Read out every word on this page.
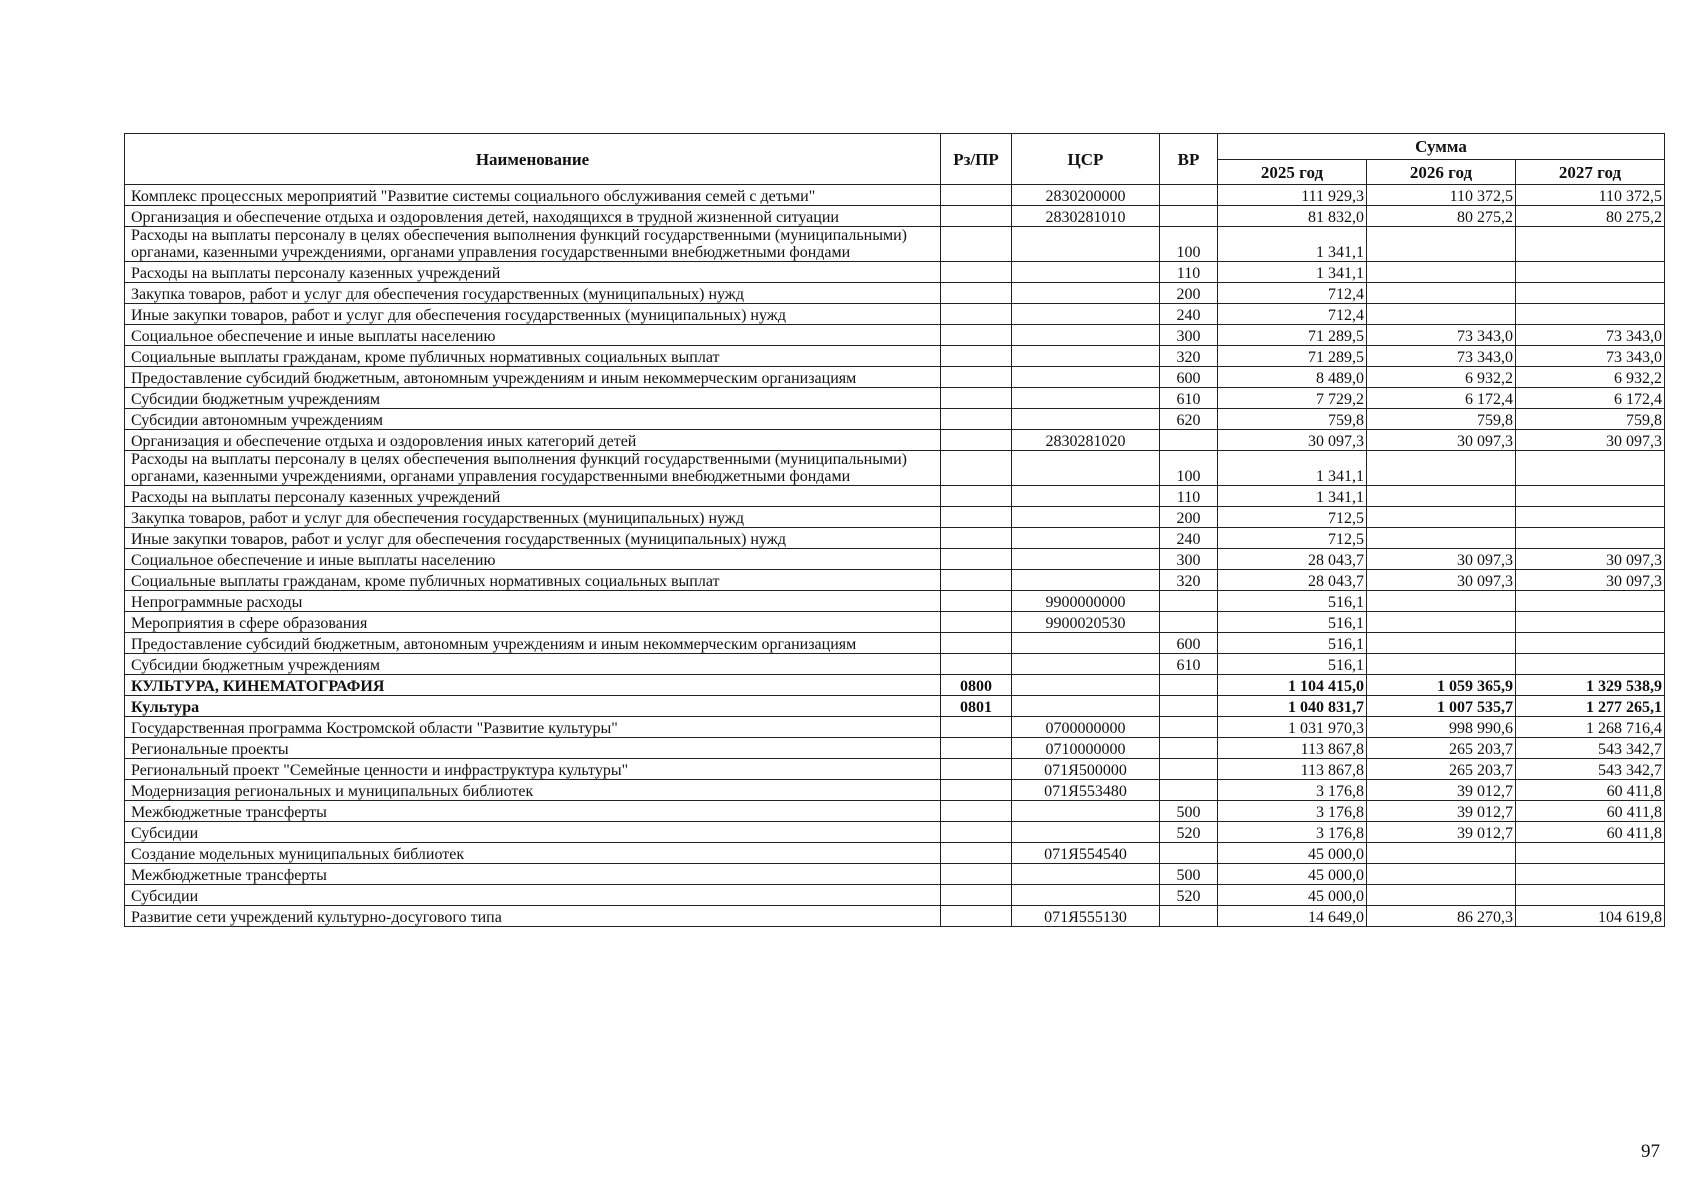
Наименование	Рз/ПР	ЦСР	ВР	Сумма		
				2025 год	2026 год	2027 год
Комплекс процессных мероприятий "Развитие системы социального обслуживания семей с детьми"		2830200000		111 929,3	110 372,5	110 372,5
Организация и обеспечение отдыха и оздоровления детей, находящихся в трудной жизненной ситуации		2830281010		81 832,0	80 275,2	80 275,2
Расходы на выплаты персоналу в целях обеспечения выполнения функций государственными (муниципальными) органами, казенными учреждениями, органами управления государственными внебюджетными фондами			100	1 341,1		
Расходы на выплаты персоналу казенных учреждений			110	1 341,1		
Закупка товаров, работ и услуг для обеспечения государственных (муниципальных) нужд			200	712,4		
Иные закупки товаров, работ и услуг для обеспечения государственных (муниципальных) нужд			240	712,4		
Социальное обеспечение и иные выплаты населению			300	71 289,5	73 343,0	73 343,0
Социальные выплаты гражданам, кроме публичных нормативных социальных выплат			320	71 289,5	73 343,0	73 343,0
Предоставление субсидий бюджетным, автономным учреждениям и иным некоммерческим организациям			600	8 489,0	6 932,2	6 932,2
Субсидии бюджетным учреждениям			610	7 729,2	6 172,4	6 172,4
Субсидии автономным учреждениям			620	759,8	759,8	759,8
Организация и обеспечение отдыха и оздоровления иных категорий детей		2830281020		30 097,3	30 097,3	30 097,3
Расходы на выплаты персоналу в целях обеспечения выполнения функций государственными (муниципальными) органами, казенными учреждениями, органами управления государственными внебюджетными фондами			100	1 341,1		
Расходы на выплаты персоналу казенных учреждений			110	1 341,1		
Закупка товаров, работ и услуг для обеспечения государственных (муниципальных) нужд			200	712,5		
Иные закупки товаров, работ и услуг для обеспечения государственных (муниципальных) нужд			240	712,5		
Социальное обеспечение и иные выплаты населению			300	28 043,7	30 097,3	30 097,3
Социальные выплаты гражданам, кроме публичных нормативных социальных выплат			320	28 043,7	30 097,3	30 097,3
Непрограммные расходы		9900000000		516,1		
Мероприятия в сфере образования		9900020530		516,1		
Предоставление субсидий бюджетным, автономным учреждениям и иным некоммерческим организациям			600	516,1		
Субсидии бюджетным учреждениям			610	516,1		
КУЛЬТУРА, КИНЕМАТОГРАФИЯ	0800			1 104 415,0	1 059 365,9	1 329 538,9
Культура	0801			1 040 831,7	1 007 535,7	1 277 265,1
Государственная программа Костромской области "Развитие культуры"		0700000000		1 031 970,3	998 990,6	1 268 716,4
Региональные проекты		0710000000		113 867,8	265 203,7	543 342,7
Региональный проект "Семейные ценности и инфраструктура культуры"		071Я500000		113 867,8	265 203,7	543 342,7
Модернизация региональных и муниципальных библиотек		071Я553480		3 176,8	39 012,7	60 411,8
Межбюджетные трансферты			500	3 176,8	39 012,7	60 411,8
Субсидии			520	3 176,8	39 012,7	60 411,8
Создание модельных муниципальных библиотек		071Я554540		45 000,0		
Межбюджетные трансферты			500	45 000,0		
Субсидии			520	45 000,0		
Развитие сети учреждений культурно-досугового типа		071Я555130		14 649,0	86 270,3	104 619,8
97
